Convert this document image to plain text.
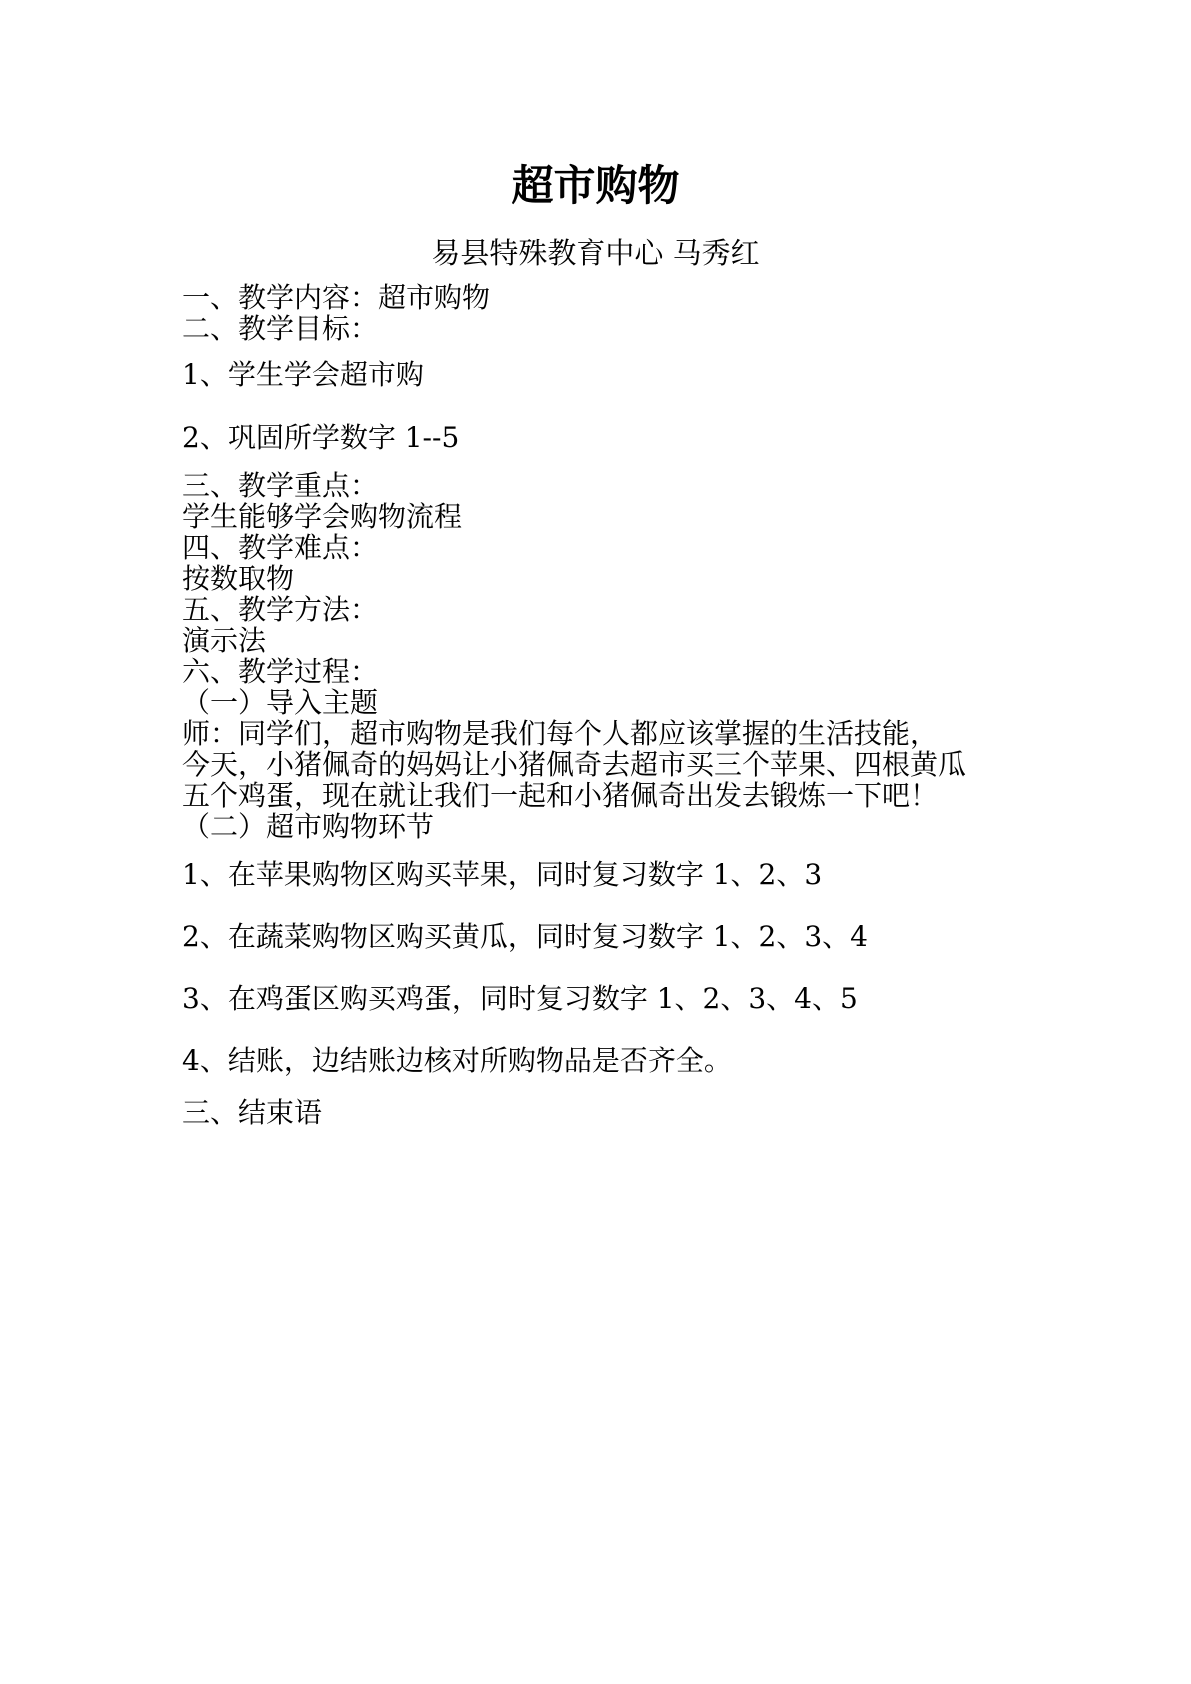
超市购物
易县特殊教育中心 马秀红
一、教学内容：超市购物
二、教学目标：
1、学生学会超市购
2、巩固所学数字 1--5
三、教学重点：
学生能够学会购物流程
四、教学难点：
按数取物
五、教学方法：
演示法
六、教学过程：
（一）导入主题
师：同学们，超市购物是我们每个人都应该掌握的生活技能，
今天，小猪佩奇的妈妈让小猪佩奇去超市买三个苹果、四根黄瓜
五个鸡蛋，现在就让我们一起和小猪佩奇出发去锻炼一下吧！
（二）超市购物环节
1、在苹果购物区购买苹果，同时复习数字 1、2、3
2、在蔬菜购物区购买黄瓜，同时复习数字 1、2、3、4
3、在鸡蛋区购买鸡蛋，同时复习数字 1、2、3、4、5
4、结账，边结账边核对所购物品是否齐全。
三、结束语
